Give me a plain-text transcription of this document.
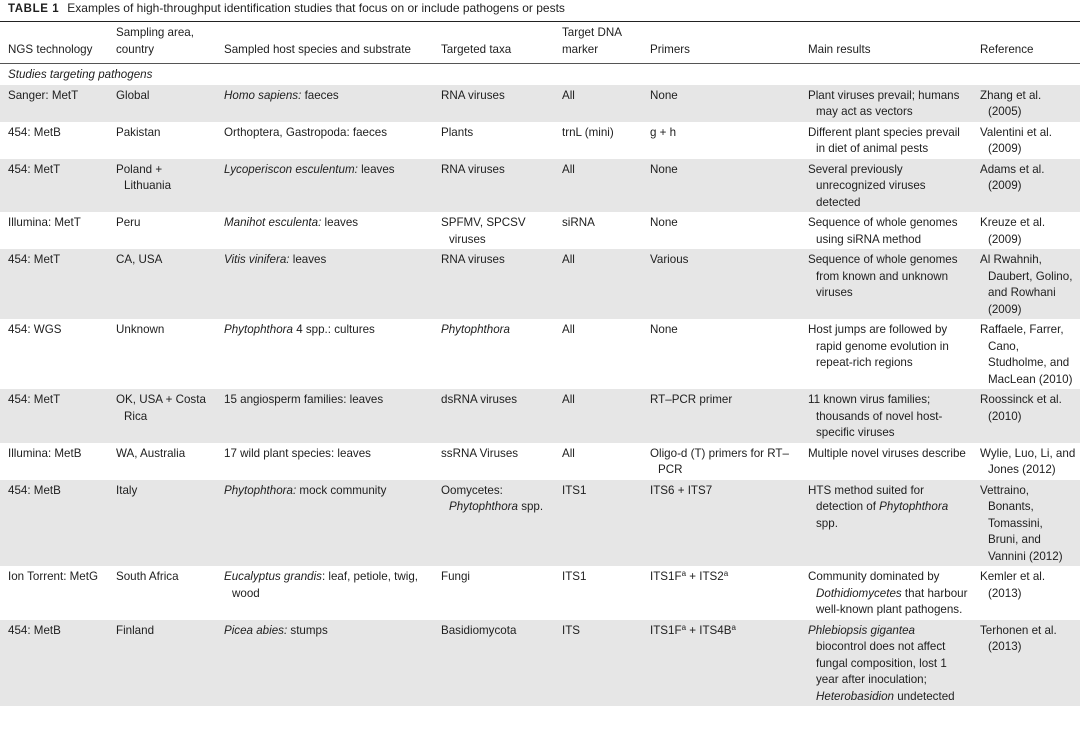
TABLE 1 Examples of high-throughput identification studies that focus on or include pathogens or pests
NGS technology	Sampling area, country	Sampled host species and substrate	Targeted taxa	Target DNA marker	Primers	Main results	Reference
Studies targeting pathogens							

Sanger: MetT	Global	Homo sapiens: faeces	RNA viruses	All	None	Plant viruses prevail; humans may act as vectors	Zhang et al. (2005)

454: MetB	Pakistan	Orthoptera, Gastropoda: faeces	Plants	trnL (mini)	g + h	Different plant species prevail in diet of animal pests	Valentini et al. (2009)

454: MetT	Poland + Lithuania	Lycoperiscon esculentum: leaves	RNA viruses	All	None	Several previously unrecognized viruses detected	Adams et al. (2009)

Illumina: MetT	Peru	Manihot esculenta: leaves	SPFMV, SPCSV viruses	siRNA	None	Sequence of whole genomes using siRNA method	Kreuze et al. (2009)

454: MetT	CA, USA	Vitis vinifera: leaves	RNA viruses	All	Various	Sequence of whole genomes from known and unknown viruses	Al Rwahnih, Daubert, Golino, and Rowhani (2009)

454: WGS	Unknown	Phytophthora 4 spp.: cultures	Phytophthora	All	None	Host jumps are followed by rapid genome evolution in repeat-rich regions	Raffaele, Farrer, Cano, Studholme, and MacLean (2010)

454: MetT	OK, USA + Costa Rica	15 angiosperm families: leaves	dsRNA viruses	All	RT–PCR primer	11 known virus families; thousands of novel host-specific viruses	Roossinck et al. (2010)

Illumina: MetB	WA, Australia	17 wild plant species: leaves	ssRNA Viruses	All	Oligo-d (T) primers for RT–PCR	Multiple novel viruses describe	Wylie, Luo, Li, and Jones (2012)

454: MetB	Italy	Phytophthora: mock community	Oomycetes: Phytophthora spp.	ITS1	ITS6 + ITS7	HTS method suited for detection of Phytophthora spp.	Vettraino, Bonants, Tomassini, Bruni, and Vannini (2012)

Ion Torrent: MetG	South Africa	Eucalyptus grandis: leaf, petiole, twig, wood	Fungi	ITS1	$ITS1F^a + ITS2^a$	Community dominated by Dothidiomycetes that harbour well-known plant pathogens.	Kemler et al. (2013)

454: MetB	Finland	Picea abies: stumps	Basidiomycota	ITS	$ITS1F^a + ITS4B^a$	Phlebiopsis gigantea biocontrol does not affect fungal composition, lost 1 year after inoculation; Heterobasidion undetected	Terhonen et al. (2013)
